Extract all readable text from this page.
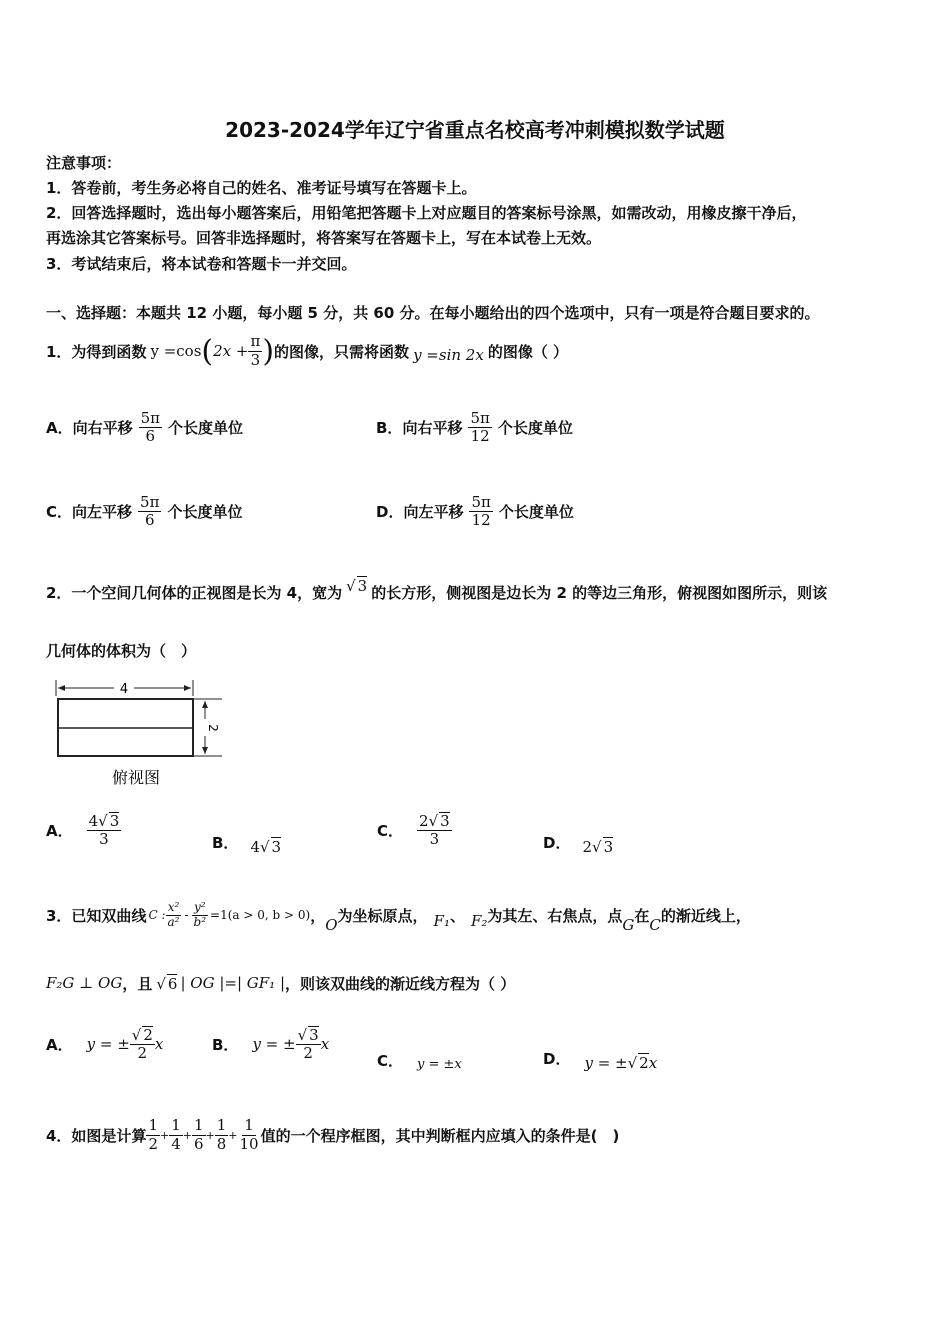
2023-2024学年辽宁省重点名校高考冲刺模拟数学试题
注意事项：
1．答卷前，考生务必将自己的姓名、准考证号填写在答题卡上。
2．回答选择题时，选出每小题答案后，用铅笔把答题卡上对应题目的答案标号涂黑，如需改动，用橡皮擦干净后，
再选涂其它答案标号。回答非选择题时，将答案写在答题卡上，写在本试卷上无效。
3．考试结束后，将本试卷和答题卡一并交回。
一、选择题：本题共 12 小题，每小题 5 分，共 60 分。在每小题给出的四个选项中，只有一项是符合题目要求的。
1．为得到函数 y =cos ( $2x + \frac{\pi}{3}$ ) 的图像，只需将函数 y =sin 2x 的图像（ ）
A． 向右平移 $\frac{5\pi}{6}$ 个长度单位	B． 向右平移 $\frac{5\pi}{12}$ 个长度单位
C． 向左平移 $\frac{5\pi}{6}$ 个长度单位	D． 向左平移 $\frac{5\pi}{12}$ 个长度单位
2．一个空间几何体的正视图是长为 4，宽为 √ 3 的长方形，侧视图是边长为 2 的等边三角形，俯视图如图所示，则该
几何体的体积为（　）
4
2
俯视图
A． $\frac{4√ 3}{3}$	B． 4√ 3
C． $\frac{2√ 3}{3}$	D． 2√ 3
3．已知双曲线 C : $\frac{\text{x²}}{\text{a²}} - \frac{\text{y²}}{\text{b²}} =1(a > 0$, b > 0) ，
O
为坐标原点， F₁ 、 F₂ 为其左、右焦点，点
G
在
C
的渐近线上，
F₂G ⊥ OG ，且 √ 6 | OG |=| GF₁ | ，则该双曲线的渐近线方程为（ ）
A． y = ± $\frac{√ 2}{2}$ x	B． y = ± $\frac{√ 3}{2}$ x
C． y = ±x	D． y = ± √ 2 x
4．如图是计算 $\frac{1}{2} + \frac{1}{4} + \frac{1}{6} + \frac{1}{8} + \frac{1}{10}$ 值的一个程序框图，其中判断框内应填入的条件是(　)
